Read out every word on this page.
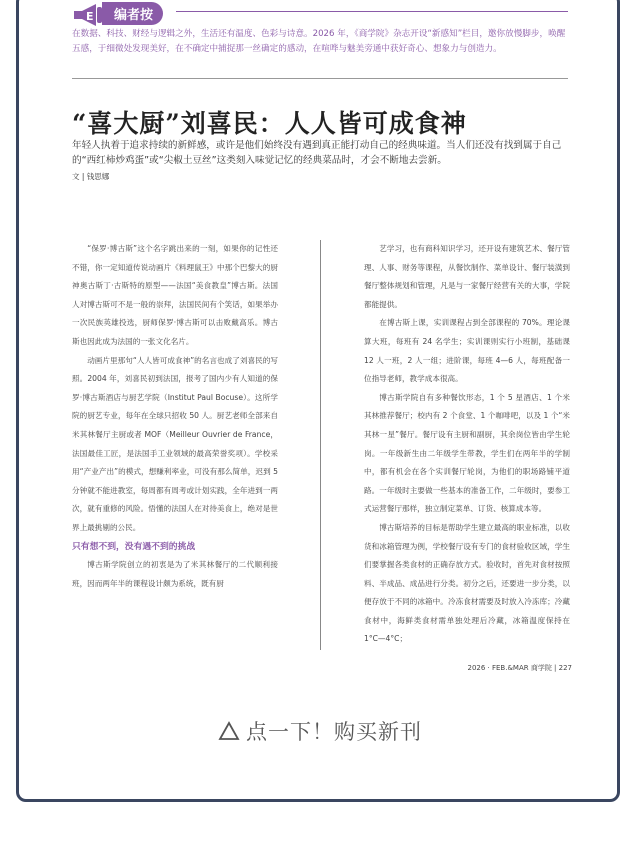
E	编者按
在数据、科技、财经与逻辑之外，生活还有温度、色彩与诗意。2026 年，《商学院》杂志开设“新感知”栏目，邀你放慢脚步，唤醒五感，于细微处发现美好，在不确定中捕捉那一丝确定的感动，在喧哗与魅美旁通中获好奇心、想象力与创造力。
“喜大厨”刘喜民：人人皆可成食神
年轻人执着于追求持续的新鲜感，或许是他们始终没有遇到真正能打动自己的经典味道。当人们还没有找到属于自己的“西红柿炒鸡蛋”或“尖椒土豆丝”这类刻入味觉记忆的经典菜品时，才会不断地去尝新。
文 | 钱思娜

“保罗·博古斯”这个名字跳出来的一刻，如果你的记性还不错，你一定知道传说动画片《料理鼠王》中那个巴黎大的厨神奥古斯丁·古斯特的原型——法国“美食教皇”博古斯。法国人对博古斯可不是一般的崇拜，法国民间有个笑话，如果举办一次民族英雄投选，厨师保罗·博古斯可以击败戴高乐。博古斯也因此成为法国的一张文化名片。

动画片里那句“人人皆可成食神”的名言也成了刘喜民的写照。2004 年，刘喜民初到法国，报考了国内少有人知道的保罗·博古斯酒店与厨艺学院（Institut Paul Bocuse）。这所学院的厨艺专业，每年在全球只招收 50 人。厨艺老师全部来自米其林餐厅主厨或者 MOF（Meilleur Ouvrier de France，法国最佳工匠，是法国手工业领域的最高荣誉奖项）。学校采用“产业产出”的模式，想赚利率业，可没有那么简单，迟到 5 分钟就不能进教室，每周都有周考或计划实践，全年进到一两次，就有重修的风险。悟懂的法国人在对待美食上，绝对是世界上最挑剔的公民。

只有想不到，没有遇不到的挑战

博古斯学院创立的初衷是为了米其林餐厅的二代顺利接班，因而两年半的课程设计颇为系统，既有厨

艺学习，也有商科知识学习，还开设有建筑艺术、餐厅管理、人事、财务等课程，从餐饮制作、菜单设计、餐厅装潢到餐厅整体规划和管理，凡是与一家餐厅经营有关的大事，学院都能提供。

在博古斯上课，实训课程占到全部课程的 70%。理论课算大班，每班有 24 名学生；实训课则实行小班制，基础课 12 人一班，2 人一组；进阶课，每班 4—6 人，每班配备一位指导老师，教学成本很高。

博古斯学院自有多种餐饮形态，1 个 5 星酒店、1 个米其林推荐餐厅；校内有 2 个食堂、1 个咖啡吧，以及 1 个“米其林一星”餐厅。餐厅设有主厨和副厨，其余岗位皆由学生轮岗。一年级新生由二年级学生带教，学生们在两年半的学制中，都有机会在各个实训餐厅轮岗，为他们的职场路铺平道路。一年级时主要做一些基本的准备工作，二年级时，要参工式运营餐厅那样，独立制定菜单、订货、核算成本等。

博古斯培养的目标是帮助学生建立最高的职业标准，以收货和冰箱管理为例，学校餐厅设有专门的食材验收区域，学生们要掌握各类食材的正确存放方式。验收时，首先对食材按照料、半成品、成品进行分类。初分之后，还要进一步分类，以便存放于不同的冰箱中。冷冻食材需要及时放入冷冻库；冷藏食材中，海鲜类食材需单独处理后冷藏，冰箱温度保持在 1°C—4°C；

2026 · FEB.&MAR 商学院 | 227
点一下！购买新刊
